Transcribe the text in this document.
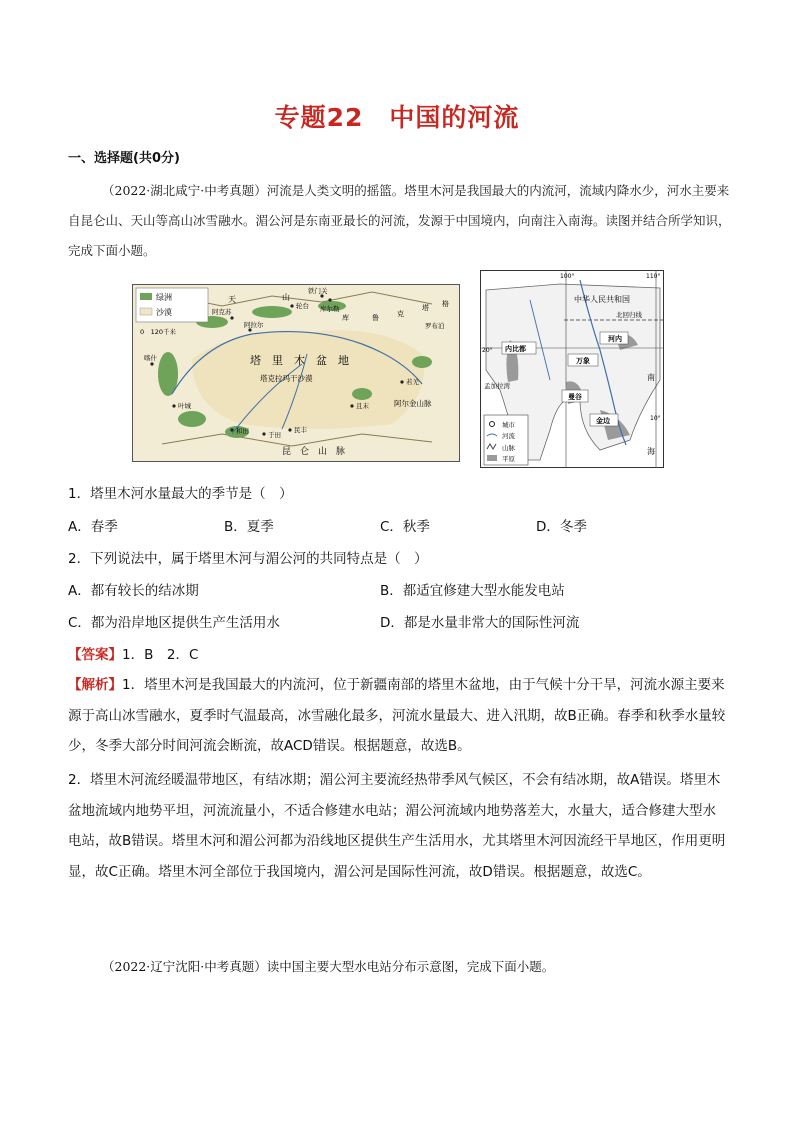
专题22　中国的河流
一、选择题(共0分)
（2022·湖北咸宁·中考真题）河流是人类文明的摇篮。塔里木河是我国最大的内流河，流域内降水少，河水主要来自昆仑山、天山等高山冰雪融水。湄公河是东南亚最长的河流，发源于中国境内，向南注入南海。读图并结合所学知识，完成下面小题。
绿洲
沙漠
0　120千米
塔　里　木　盆　地
塔克拉玛干沙漠
昆　仑　山　脉
阿尔金山脉
罗布泊
库	鲁	克
塔 格
天	山
阿克苏
阿拉尔
轮台 库尔勒
铁门关
若羌
且末
民丰
于田
和田
叶城
喀什
100°	110°
20°
10°
中华人民共和国
北回归线
孟加拉湾
南
海
河内
内比都
万象
曼谷
金边
城市
河流
山脉
平原
1．塔里木河水量最大的季节是（　）
A．春季	B．夏季	C．秋季	D．冬季
2．下列说法中，属于塔里木河与湄公河的共同特点是（　）
A．都有较长的结冰期	B．都适宜修建大型水能发电站
C．都为沿岸地区提供生产生活用水	D．都是水量非常大的国际性河流
【答案】1．B　2．C
【解析】1．塔里木河是我国最大的内流河，位于新疆南部的塔里木盆地，由于气候十分干旱，河流水源主要来源于高山冰雪融水，夏季时气温最高，冰雪融化最多，河流水量最大、进入汛期，故B正确。春季和秋季水量较少，冬季大部分时间河流会断流，故ACD错误。根据题意，故选B。
2．塔里木河流经暖温带地区，有结冰期；湄公河主要流经热带季风气候区，不会有结冰期，故A错误。塔里木盆地流域内地势平坦，河流流量小，不适合修建水电站；湄公河流域内地势落差大，水量大，适合修建大型水电站，故B错误。塔里木河和湄公河都为沿线地区提供生产生活用水，尤其塔里木河因流经干旱地区，作用更明显，故C正确。塔里木河全部位于我国境内，湄公河是国际性河流，故D错误。根据题意，故选C。
（2022·辽宁沈阳·中考真题）读中国主要大型水电站分布示意图，完成下面小题。
